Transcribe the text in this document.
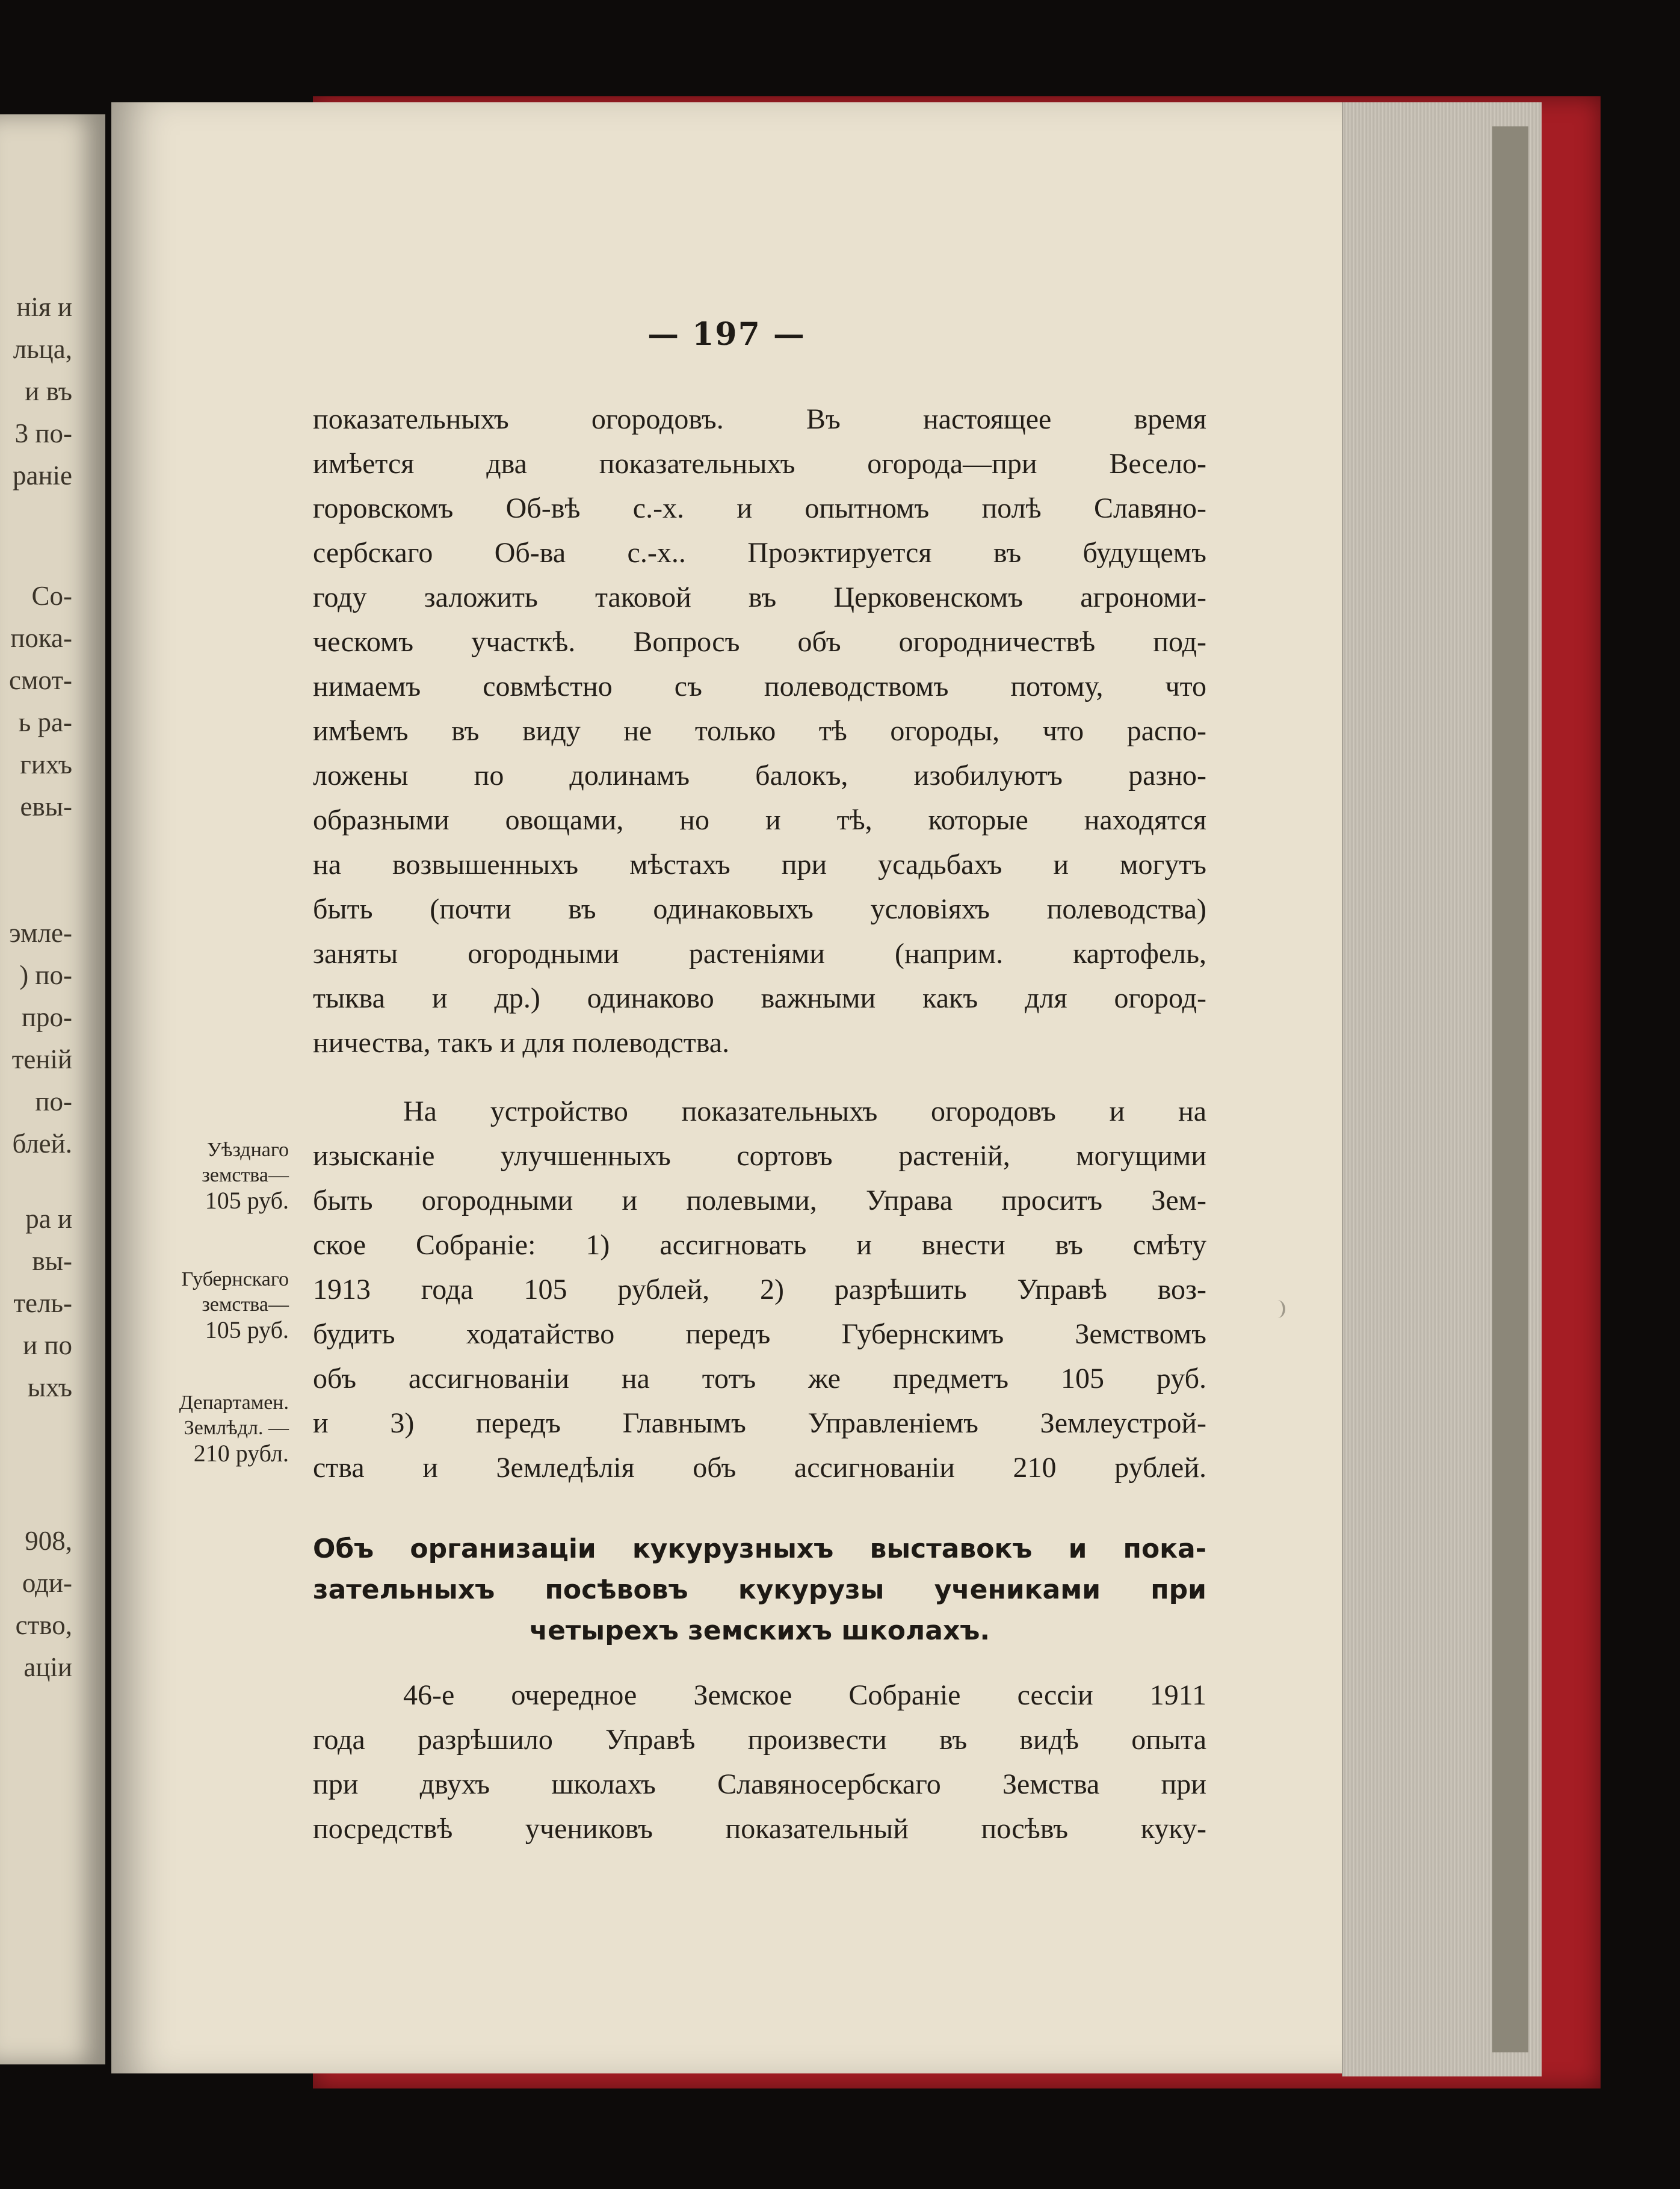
нія и
льца,
и въ
3 по-
раніе
Со-
пока-
смот-
ь ра-
гихъ
евы-
эмле-
) по-
про-
теній
по-
блей.
ра и
вы-
тель-
и по
ыхъ
908,
оди-
ство,
аціи
— 197 —
показательныхъ огородовъ. Въ настоящее время
имѣется два показательныхъ огорода—при Весело-
горовскомъ Об-вѣ с.-х. и опытномъ полѣ Славяно-
сербскаго Об-ва с.-х.. Проэктируется въ будущемъ
году заложить таковой въ Церковенскомъ агрономи-
ческомъ участкѣ. Вопросъ объ огородничествѣ под-
нимаемъ совмѣстно съ полеводствомъ потому, что
имѣемъ въ виду не только тѣ огороды, что распо-
ложены по долинамъ балокъ, изобилуютъ разно-
образными овощами, но и тѣ, которые находятся
на возвышенныхъ мѣстахъ при усадьбахъ и могутъ
быть (почти въ одинаковыхъ условіяхъ полеводства)
заняты огородными растеніями (наприм. картофель,
тыква и др.) одинаково важными какъ для огород-
ничества, такъ и для полеводства.
На устройство показательныхъ огородовъ и на
изысканіе улучшенныхъ сортовъ растеній, могущими
быть огородными и полевыми, Управа проситъ Зем-
ское Собраніе: 1) ассигновать и внести въ смѣту
1913 года 105 рублей, 2) разрѣшить Управѣ воз-
будить ходатайство передъ Губернскимъ Земствомъ
объ ассигнованіи на тотъ же предметъ 105 руб.
и 3) передъ Главнымъ Управленіемъ Землеустрой-
ства и Земледѣлія объ ассигнованіи 210 рублей.
Уѣзднаго
земства—
105 руб.
Губернскаго
земства—
105 руб.
Департамен.
Землѣдл. —
210 рубл.
Объ организаціи кукурузныхъ выставокъ и пока-
зательныхъ посѣвовъ кукурузы учениками при
четырехъ земскихъ школахъ.
46-е очередное Земское Собраніе сессіи 1911
года разрѣшило Управѣ произвести въ видѣ опыта
при двухъ школахъ Славяносербскаго Земства при
посредствѣ учениковъ показательный посѣвъ куку-
